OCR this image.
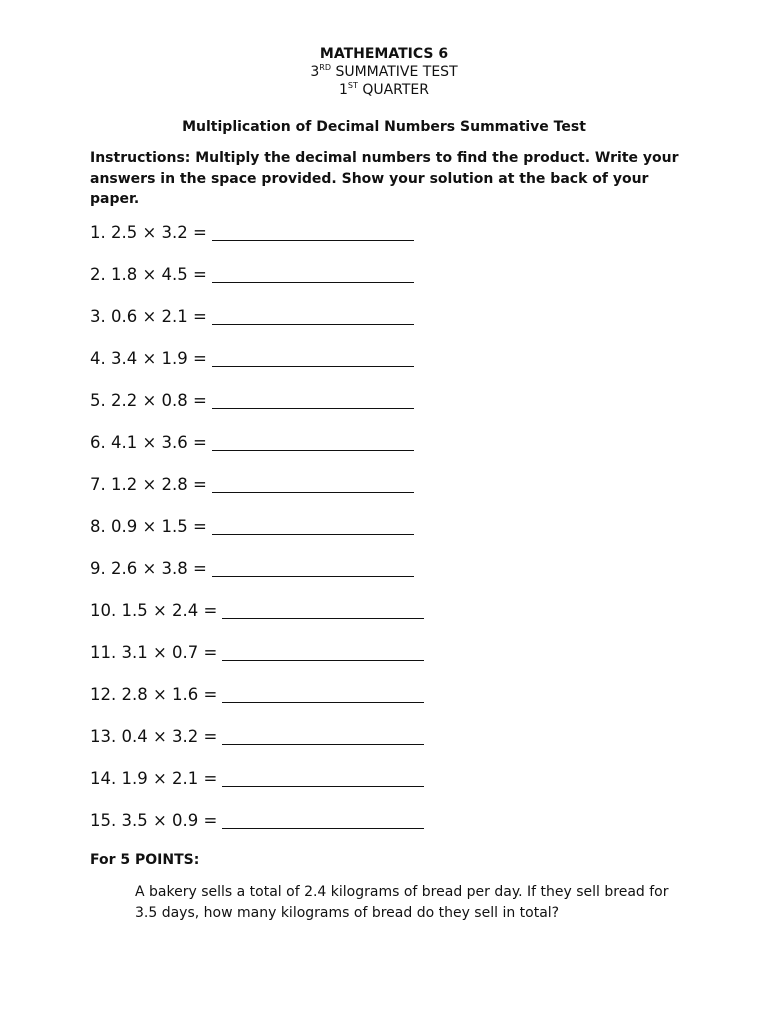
MATHEMATICS 6
3RD SUMMATIVE TEST
1ST QUARTER
Multiplication of Decimal Numbers Summative Test
Instructions: Multiply the decimal numbers to find the product. Write your answers in the space provided. Show your solution at the back of your paper.
1. 2.5 × 3.2 =
2. 1.8 × 4.5 =
3. 0.6 × 2.1 =
4. 3.4 × 1.9 =
5. 2.2 × 0.8 =
6. 4.1 × 3.6 =
7. 1.2 × 2.8 =
8. 0.9 × 1.5 =
9. 2.6 × 3.8 =
10. 1.5 × 2.4 =
11. 3.1 × 0.7 =
12. 2.8 × 1.6 =
13. 0.4 × 3.2 =
14. 1.9 × 2.1 =
15. 3.5 × 0.9 =
For 5 POINTS:
A bakery sells a total of 2.4 kilograms of bread per day. If they sell bread for 3.5 days, how many kilograms of bread do they sell in total?
